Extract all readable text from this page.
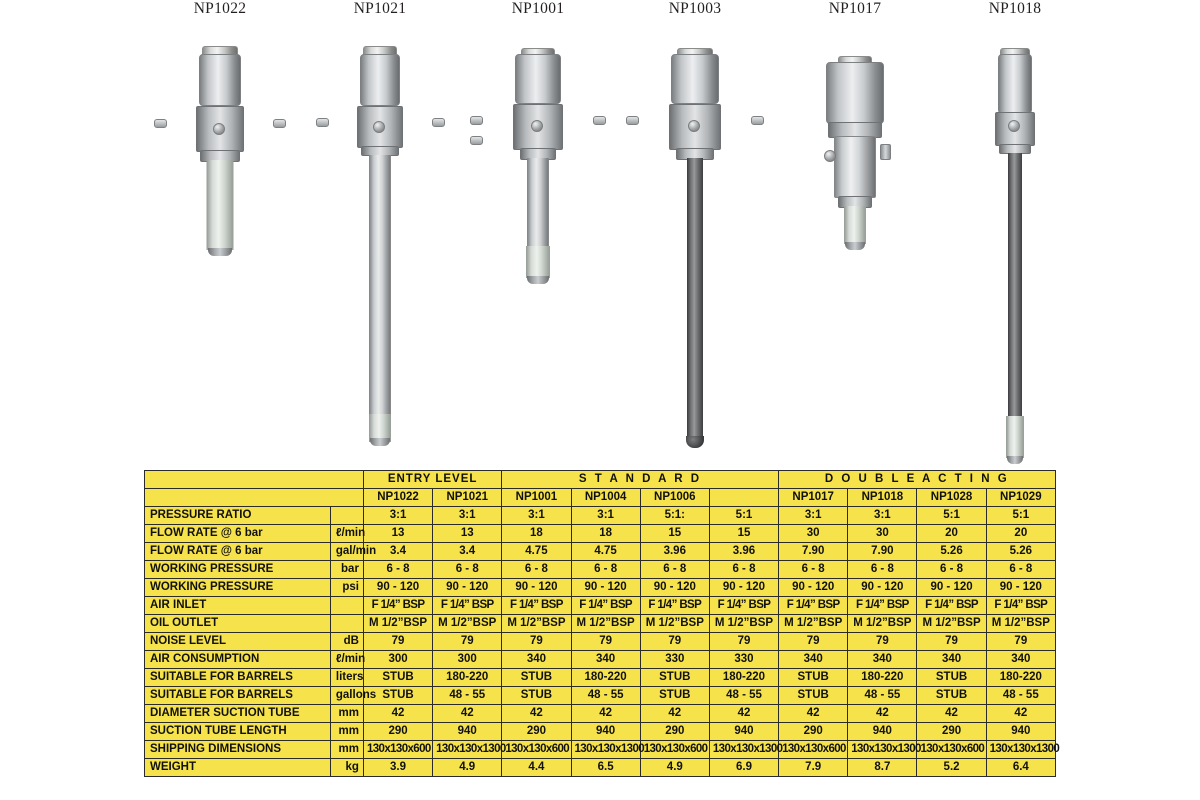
NP1022	NP1021	NP1001	NP1003	NP1017	NP1018
		ENTRY LEVEL		S T A N D A R D				D O U B L E A C T I N G			
		NP1022	NP1021	NP1001	NP1004	NP1006		NP1017	NP1018	NP1028	NP1029
PRESSURE RATIO		3:1	3:1	3:1	3:1	5:1:	5:1	3:1	3:1	5:1	5:1
FLOW RATE @ 6 bar	ℓ/min	13	13	18	18	15	15	30	30	20	20
FLOW RATE @ 6 bar	gal/min	3.4	3.4	4.75	4.75	3.96	3.96	7.90	7.90	5.26	5.26
WORKING PRESSURE	bar	6 - 8	6 - 8	6 - 8	6 - 8	6 - 8	6 - 8	6 - 8	6 - 8	6 - 8	6 - 8
WORKING PRESSURE	psi	90 - 120	90 - 120	90 - 120	90 - 120	90 - 120	90 - 120	90 - 120	90 - 120	90 - 120	90 - 120
AIR INLET		F 1/4” BSP	F 1/4” BSP	F 1/4” BSP	F 1/4” BSP	F 1/4” BSP	F 1/4” BSP	F 1/4” BSP	F 1/4” BSP	F 1/4” BSP	F 1/4” BSP
OIL OUTLET		M 1/2”BSP	M 1/2”BSP	M 1/2”BSP	M 1/2”BSP	M 1/2”BSP	M 1/2”BSP	M 1/2”BSP	M 1/2”BSP	M 1/2”BSP	M 1/2”BSP
NOISE LEVEL	dB	79	79	79	79	79	79	79	79	79	79
AIR CONSUMPTION	ℓ/min	300	300	340	340	330	330	340	340	340	340
SUITABLE FOR BARRELS	liters	STUB	180-220	STUB	180-220	STUB	180-220	STUB	180-220	STUB	180-220
SUITABLE FOR BARRELS	gallons	STUB	48 - 55	STUB	48 - 55	STUB	48 - 55	STUB	48 - 55	STUB	48 - 55
DIAMETER SUCTION TUBE	mm	42	42	42	42	42	42	42	42	42	42
SUCTION TUBE LENGTH	mm	290	940	290	940	290	940	290	940	290	940
SHIPPING DIMENSIONS	mm	130x130x600	130x130x1300	130x130x600	130x130x1300	130x130x600	130x130x1300	130x130x600	130x130x1300	130x130x600	130x130x1300
WEIGHT	kg	3.9	4.9	4.4	6.5	4.9	6.9	7.9	8.7	5.2	6.4
